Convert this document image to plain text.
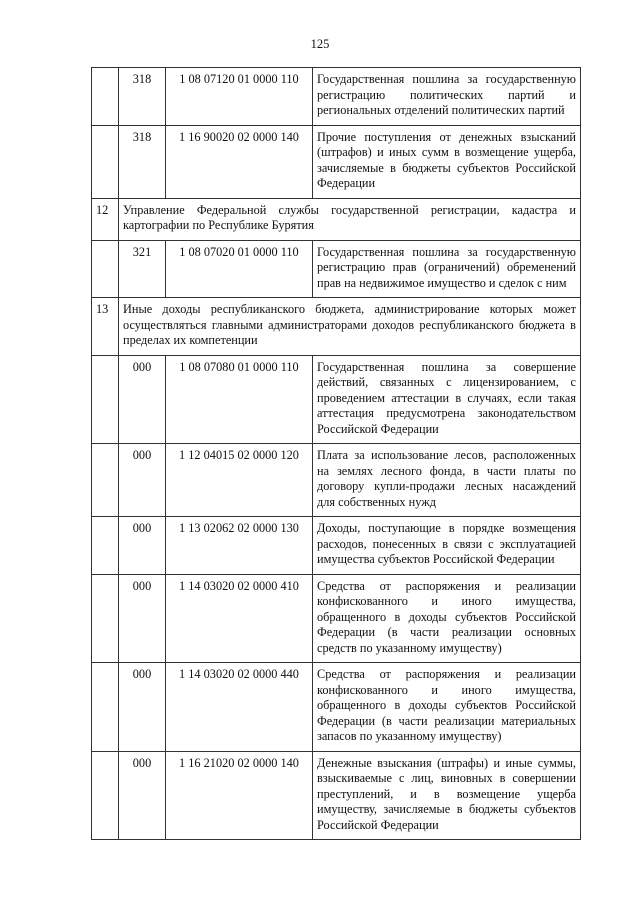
125
	318	1 08 07120 01 0000 110	Государственная пошлина за государственную регистрацию политических партий и региональных отделений политических партий
	318	1 16 90020 02 0000 140	Прочие поступления от денежных взысканий (штрафов) и иных сумм в возмещение ущерба, зачисляемые в бюджеты субъектов Российской Федерации
12	Управление Федеральной службы государственной регистрации, кадастра и картографии по Республике Бурятия		
	321	1 08 07020 01 0000 110	Государственная пошлина за государственную регистрацию прав (ограничений) обременений прав на недвижимое имущество и сделок с ним
13	Иные доходы республиканского бюджета, администрирование которых может осуществляться главными администраторами доходов республиканского бюджета в пределах их компетенции		
	000	1 08 07080 01 0000 110	Государственная пошлина за совершение действий, связанных с лицензированием, с проведением аттестации в случаях, если такая аттестация предусмотрена законодательством Российской Федерации
	000	1 12 04015 02 0000 120	Плата за использование лесов, расположенных на землях лесного фонда, в части платы по договору купли-продажи лесных насаждений для собственных нужд
	000	1 13 02062 02 0000 130	Доходы, поступающие в порядке возмещения расходов, понесенных в связи с эксплуатацией имущества субъектов Российской Федерации
	000	1 14 03020 02 0000 410	Средства от распоряжения и реализации конфискованного и иного имущества, обращенного в доходы субъектов Российской Федерации (в части реализации основных средств по указанному имуществу)
	000	1 14 03020 02 0000 440	Средства от распоряжения и реализации конфискованного и иного имущества, обращенного в доходы субъектов Российской Федерации (в части реализации материальных запасов по указанному имуществу)
	000	1 16 21020 02 0000 140	Денежные взыскания (штрафы) и иные суммы, взыскиваемые с лиц, виновных в совершении преступлений, и в возмещение ущерба имуществу, зачисляемые в бюджеты субъектов Российской Федерации
